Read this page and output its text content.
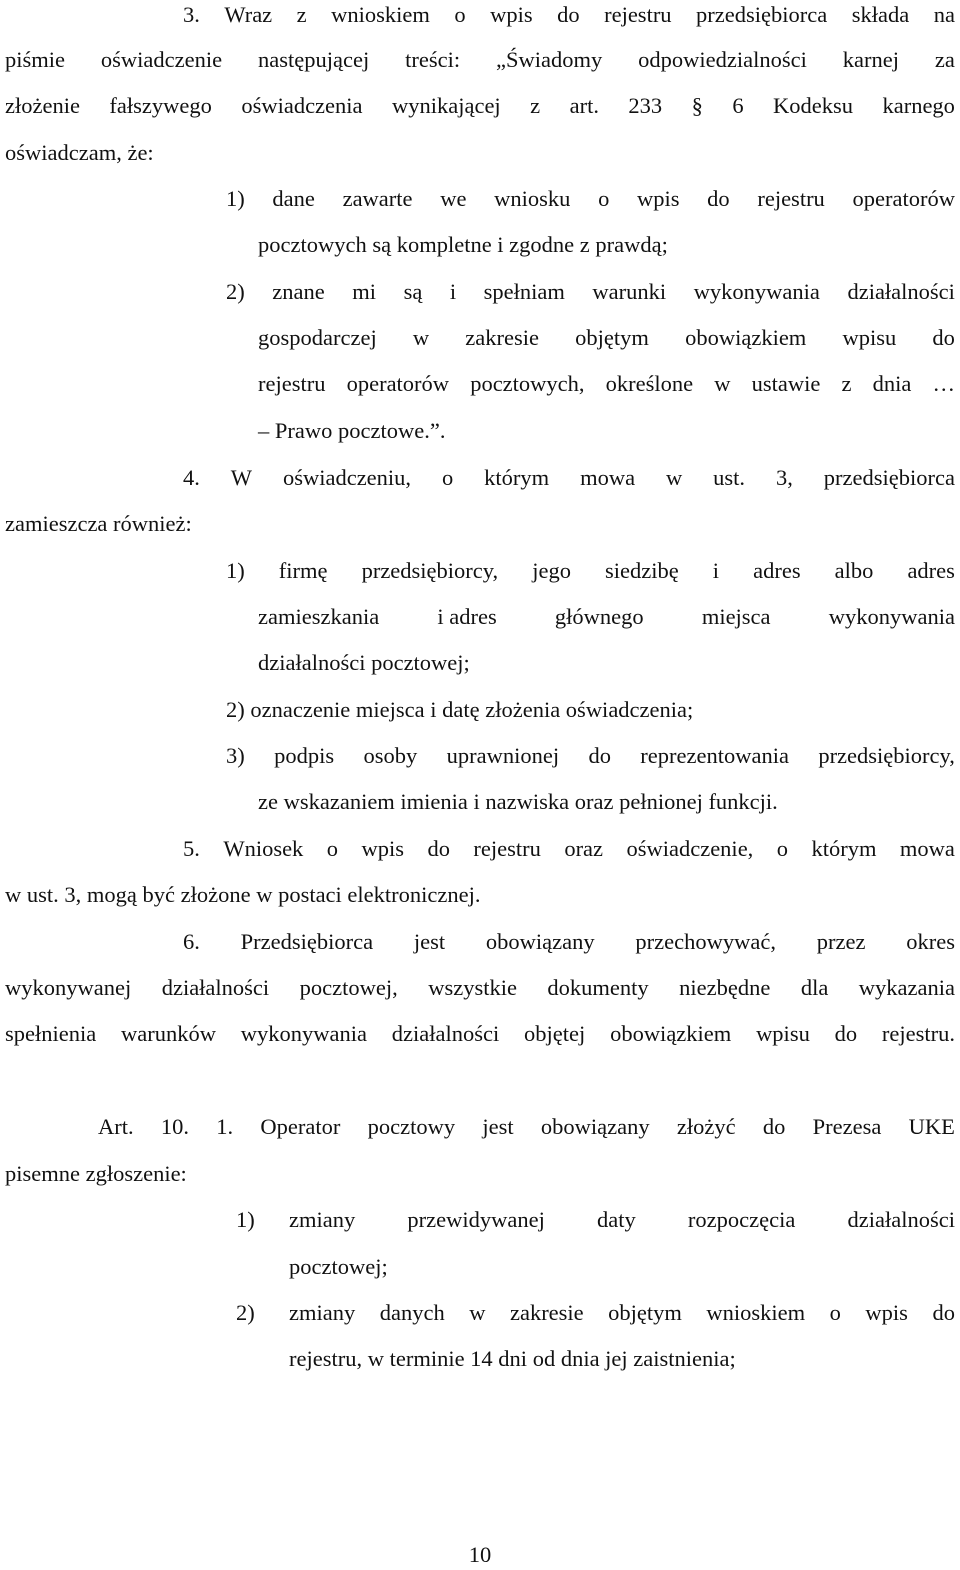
3. Wraz z wnioskiem o wpis do rejestru przedsiębiorca składa na
piśmie oświadczenie następującej treści: „Świadomy odpowiedzialności karnej za
złożenie fałszywego oświadczenia wynikającej z art. 233 § 6 Kodeksu karnego
oświadczam, że:
1) dane zawarte we wniosku o wpis do rejestru operatorów
pocztowych są kompletne i zgodne z prawdą;
2) znane mi są i spełniam warunki wykonywania działalności
gospodarczej w zakresie objętym obowiązkiem wpisu do
rejestru operatorów pocztowych, określone w ustawie z dnia …
– Prawo pocztowe.”.
4. W oświadczeniu, o którym mowa w ust. 3, przedsiębiorca
zamieszcza również:
1) firmę przedsiębiorcy, jego siedzibę i adres albo adres
zamieszkania	i adres	głównego	miejsca	wykonywania
działalności pocztowej;
2) oznaczenie miejsca i datę złożenia oświadczenia;
3) podpis osoby uprawnionej do reprezentowania przedsiębiorcy,
ze wskazaniem imienia i nazwiska oraz pełnionej funkcji.
5. Wniosek o wpis do rejestru oraz oświadczenie, o którym mowa
w ust. 3, mogą być złożone w postaci elektronicznej.
6. Przedsiębiorca jest obowiązany przechowywać, przez okres
wykonywanej działalności pocztowej, wszystkie dokumenty niezbędne dla wykazania
spełnienia warunków wykonywania działalności objętej obowiązkiem wpisu do rejestru.
Art. 10. 1. Operator pocztowy jest obowiązany złożyć do Prezesa UKE
pisemne zgłoszenie:
1) zmiany przewidywanej daty rozpoczęcia działalności
pocztowej;
2) zmiany danych w zakresie objętym wnioskiem o wpis do
rejestru, w terminie 14 dni od dnia jej zaistnienia;
10
